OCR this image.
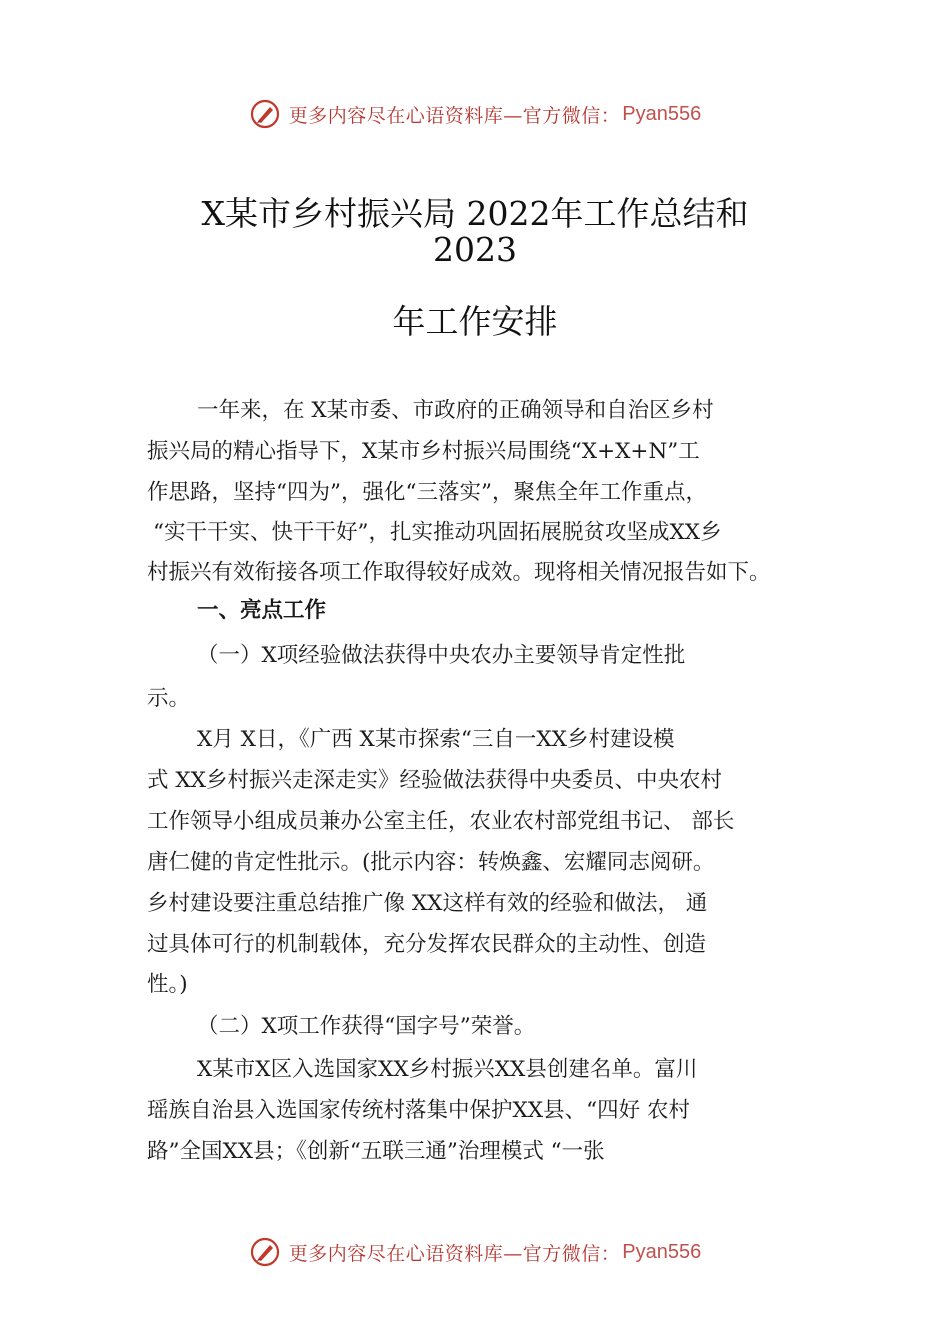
更多内容尽在心语资料库—官方微信： Pyan556
X某市乡村振兴局 2022年工作总结和
2023
年工作安排
一年来，在 X某市委、市政府的正确领导和自治区乡村
振兴局的精心指导下，X某市乡村振兴局围绕“X+X+N”工
作思路，坚持“四为”，强化“三落实”，聚焦全年工作重点，
“实干干实、快干干好”，扎实推动巩固拓展脱贫攻坚成XX乡
村振兴有效衔接各项工作取得较好成效。现将相关情况报告如下。
一、亮点工作
（一）X项经验做法获得中央农办主要领导肯定性批
示。
X月 X日，《广西 X某市探索“三自一XX乡村建设模
式 XX乡村振兴走深走实》经验做法获得中央委员、中央农村
工作领导小组成员兼办公室主任，农业农村部党组书记、 部长
唐仁健的肯定性批示。(批示内容：转焕鑫、宏耀同志阅研。
乡村建设要注重总结推广像 XX这样有效的经验和做法， 通
过具体可行的机制载体，充分发挥农民群众的主动性、创造
性。)
（二）X项工作获得“国字号”荣誉。
X某市X区入选国家XX乡村振兴XX县创建名单。富川
瑶族自治县入选国家传统村落集中保护XX县、“四好 农村
路”全国XX县；《创新“五联三通”治理模式 “一张
更多内容尽在心语资料库—官方微信： Pyan556
